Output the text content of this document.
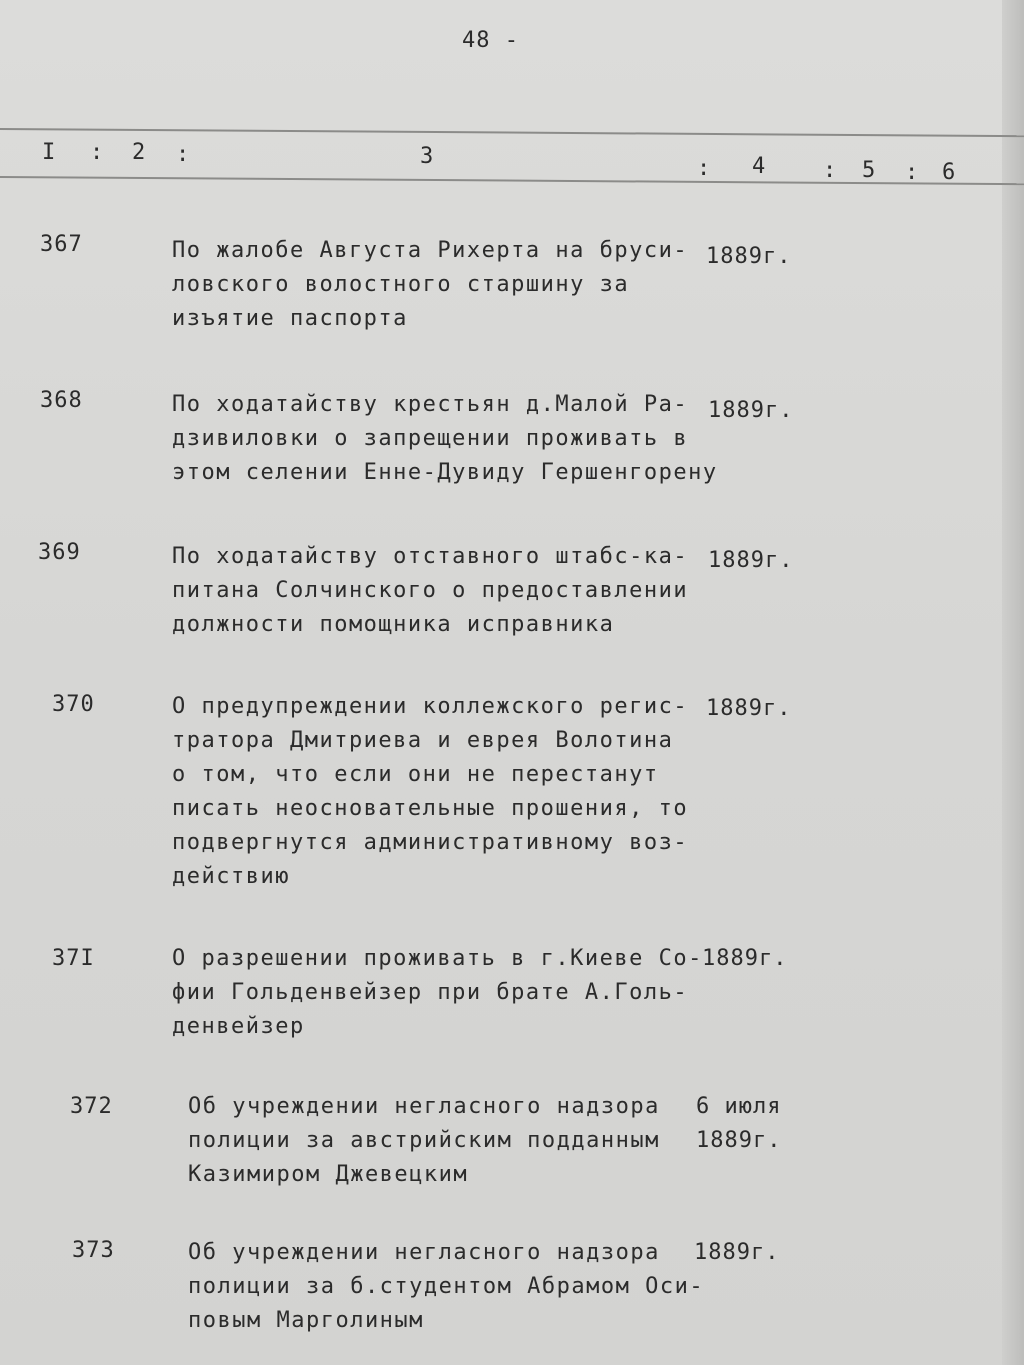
48 -
I : 2 :	3	: 4	: 5 : 6
367	По жалобе Августа Рихерта на бруси-
ловского волостного старшину за
изъятие паспорта
1889г.
368	По ходатайству крестьян д.Малой Ра-
дзивиловки о запрещении проживать в
этом селении Енне-Дувиду Гершенгорену
1889г.
369	По ходатайству отставного штабс-ка-
питана Солчинского о предоставлении
должности помощника исправника
1889г.
370	О предупреждении коллежского регис-
тратора Дмитриева и еврея Волотина
о том, что если они не перестанут
писать неосновательные прошения, то
подвергнутся административному воз-
действию
1889г.
37I	О разрешении проживать в г.Киеве Со-
фии Гольденвейзер при брате А.Голь-
денвейзер
1889г.
372	Об учреждении негласного надзора
полиции за австрийским подданным
Казимиром Джевецким
6 июля
1889г.
373	Об учреждении негласного надзора
полиции за б.студентом Абрамом Оси-
повым Марголиным
1889г.
